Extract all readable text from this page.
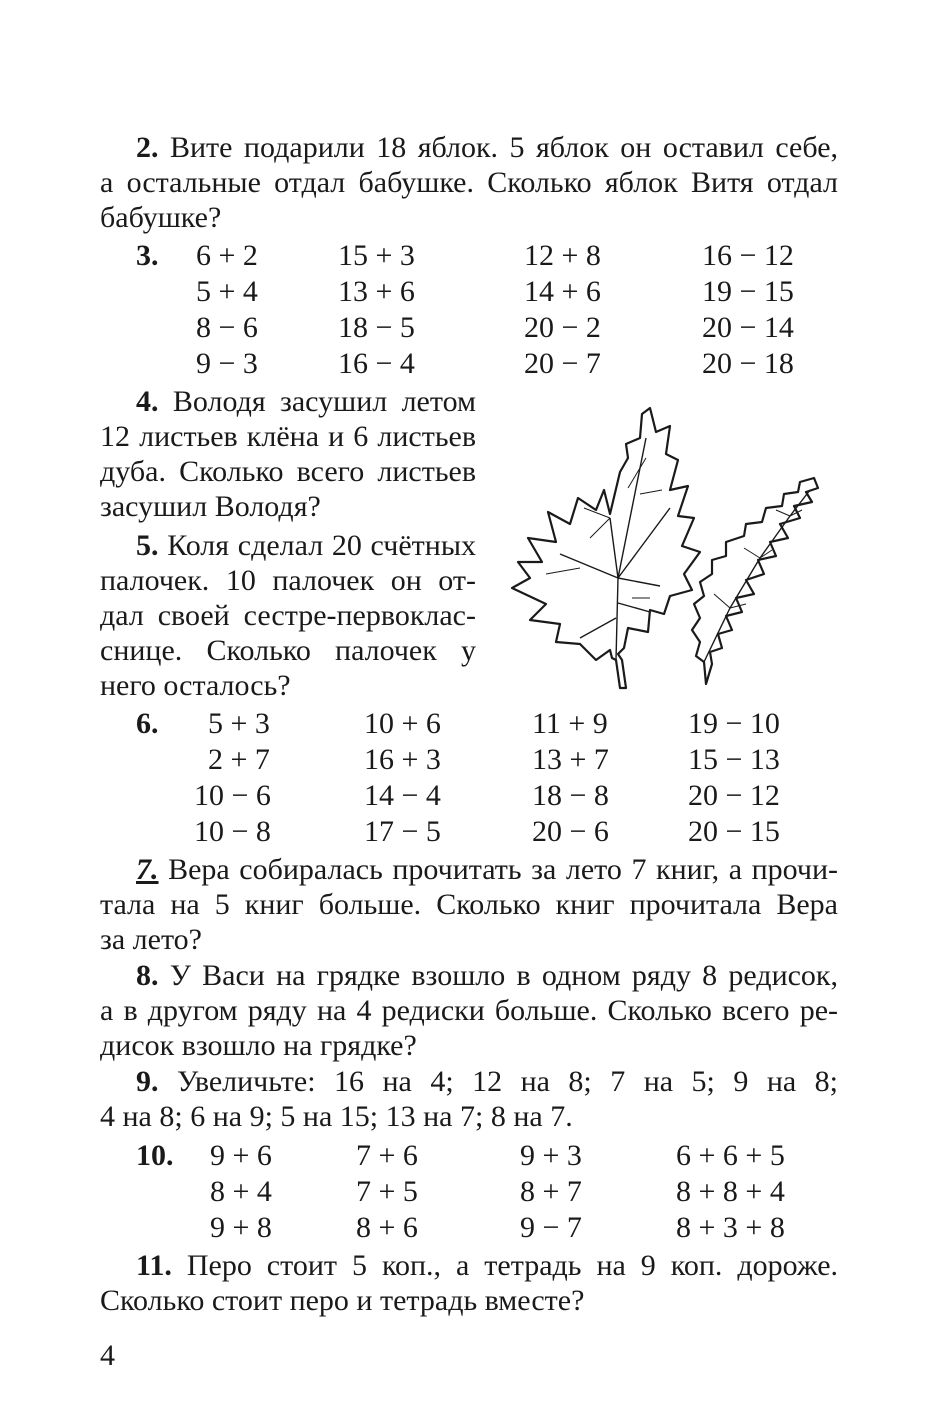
2. Вите подарили 18 яблок. 5 яблок он оставил себе,
а остальные отдал бабушке. Сколько яблок Витя отдал
бабушке?
3. 6 + 2
5 + 4
8 − 6
9 − 3
15 + 3
13 + 6
18 − 5
16 − 4
12 + 8
14 + 6
20 − 2
20 − 7
16 − 12
19 − 15
20 − 14
20 − 18
4. Володя засушил летом
12 листьев клёна и 6 листьев
дуба. Сколько всего листьев
засушил Володя?
5. Коля сделал 20 счётных
палочек. 10 палочек он от-
дал своей сестре-первоклас-
снице. Сколько палочек у
него осталось?
6. 5 + 3
2 + 7
10 − 6
10 − 8
10 + 6
16 + 3
14 − 4
17 − 5
11 + 9
13 + 7
18 − 8
20 − 6
19 − 10
15 − 13
20 − 12
20 − 15
7. Вера собиралась прочитать за лето 7 книг, а прочи-
тала на 5 книг больше. Сколько книг прочитала Вера
за лето?
8. У Васи на грядке взошло в одном ряду 8 редисок,
а в другом ряду на 4 редиски больше. Сколько всего ре-
дисок взошло на грядке?
9. Увеличьте: 16 на 4; 12 на 8; 7 на 5; 9 на 8;
4 на 8; 6 на 9; 5 на 15; 13 на 7; 8 на 7.
10. 9 + 6
8 + 4
9 + 8
7 + 6
7 + 5
8 + 6
9 + 3
8 + 7
9 − 7
6 + 6 + 5
8 + 8 + 4
8 + 3 + 8
11. Перо стоит 5 коп., а тетрадь на 9 коп. дороже.
Сколько стоит перо и тетрадь вместе?
4
